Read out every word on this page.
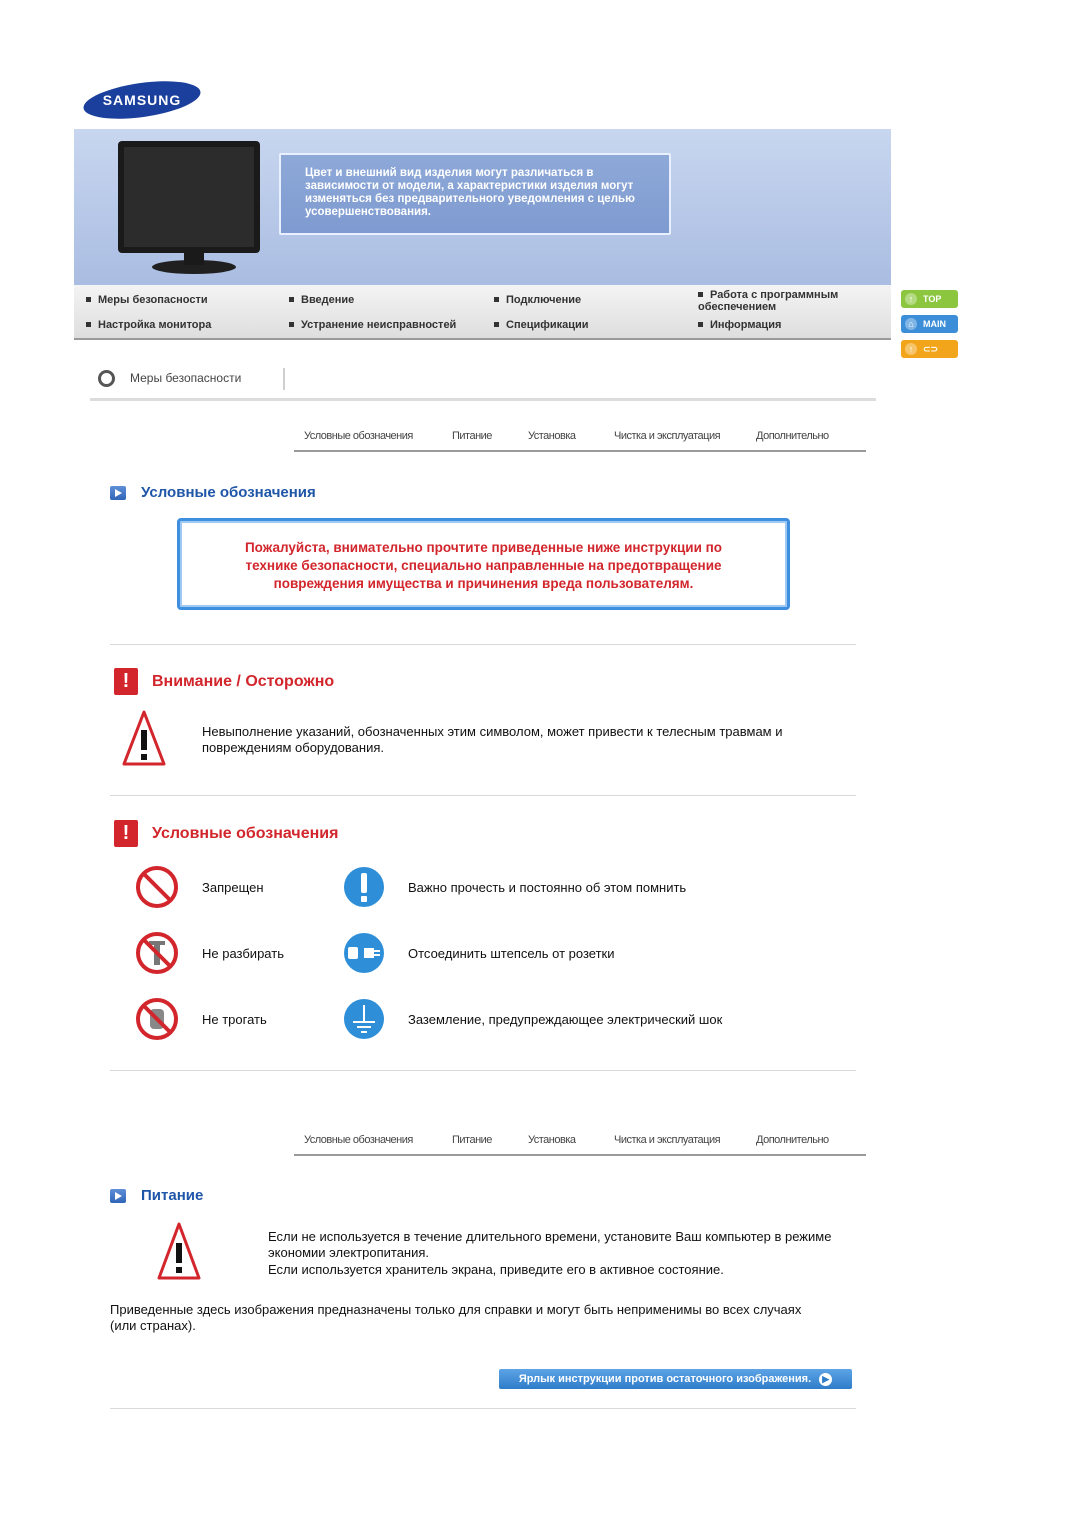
SAMSUNG
Цвет и внешний вид изделия могут различаться в зависимости от модели, а характеристики изделия могут изменяться без предварительного уведомления с целью усовершенствования.
Меры безопасности	Введение	Подключение	Работа с программным обеспечением
Настройка монитора	Устранение неисправностей	Спецификации	Информация
↑	TOP
⌂	MAIN
↑	⊂⊃
Меры безопасности
Условные обозначения	Питание	Установка	Чистка и эксплуатация	Дополнительно
Условные обозначения
Пожалуйста, внимательно прочтите приведенные ниже инструкции по технике безопасности, специально направленные на предотвращение повреждения имущества и причинения вреда пользователям.
!
Внимание / Осторожно
Невыполнение указаний, обозначенных этим символом, может привести к телесным травмам и повреждениям оборудования.
!
Условные обозначения
Запрещен	Важно прочесть и постоянно об этом помнить
Не разбирать	Отсоединить штепсель от розетки
Не трогать	Заземление, предупреждающее электрический шок
Условные обозначения	Питание	Установка	Чистка и эксплуатация	Дополнительно
Питание
Если не используется в течение длительного времени, установите Ваш компьютер в режиме экономии электропитания.
Если используется хранитель экрана, приведите его в активное состояние.
Приведенные здесь изображения предназначены только для справки и могут быть неприменимы во всех случаях (или странах).
Ярлык инструкции против остаточного изображения.	▶
